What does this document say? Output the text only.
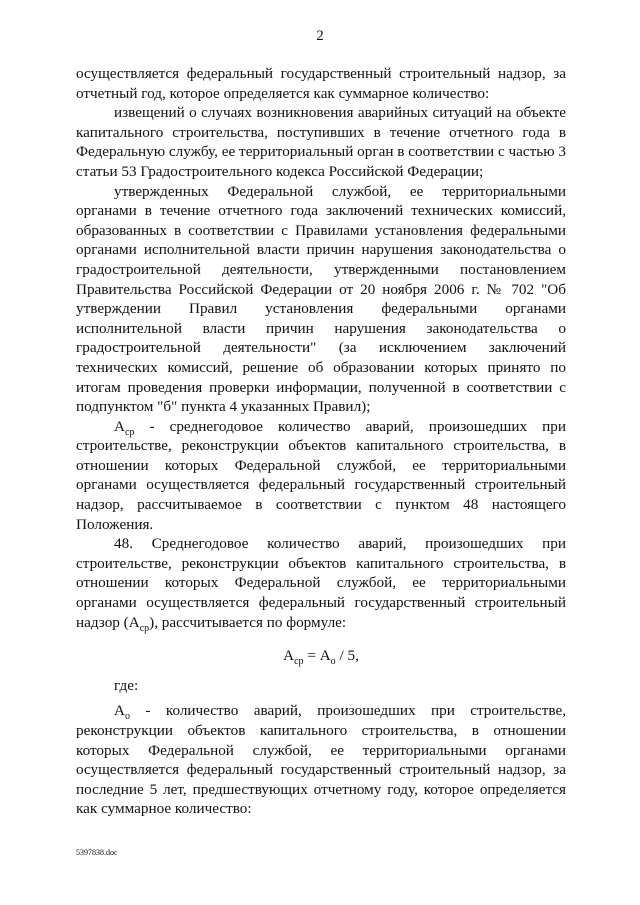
2

осуществляется федеральный государственный строительный надзор, за отчетный год, которое определяется как суммарное количество:

извещений о случаях возникновения аварийных ситуаций на объекте капитального строительства, поступивших в течение отчетного года в Федеральную службу, ее территориальный орган в соответствии с частью 3 статьи 53 Градостроительного кодекса Российской Федерации;

утвержденных Федеральной службой, ее территориальными органами в течение отчетного года заключений технических комиссий, образованных в соответствии с Правилами установления федеральными органами исполнительной власти причин нарушения законодательства о градостроительной деятельности, утвержденными постановлением Правительства Российской Федерации от 20 ноября 2006 г. № 702 "Об утверждении Правил установления федеральными органами исполнительной власти причин нарушения законодательства о градостроительной деятельности" (за исключением заключений технических комиссий, решение об образовании которых принято по итогам проведения проверки информации, полученной в соответствии с подпунктом "б" пункта 4 указанных Правил);

$А_{ср}$ - среднегодовое количество аварий, произошедших при строительстве, реконструкции объектов капитального строительства, в отношении которых Федеральной службой, ее территориальными органами осуществляется федеральный государственный строительный надзор, рассчитываемое в соответствии с пунктом 48 настоящего Положения.

48. Среднегодовое количество аварий, произошедших при строительстве, реконструкции объектов капитального строительства, в отношении которых Федеральной службой, ее территориальными органами осуществляется федеральный государственный строительный надзор $(А_{ср})$, рассчитывается по формуле:

$А_{ср} = А_о / 5$,

где:

$А_о$ - количество аварий, произошедших при строительстве, реконструкции объектов капитального строительства, в отношении которых Федеральной службой, ее территориальными органами осуществляется федеральный государственный строительный надзор, за последние 5 лет, предшествующих отчетному году, которое определяется как суммарное количество:

5397838.doc
